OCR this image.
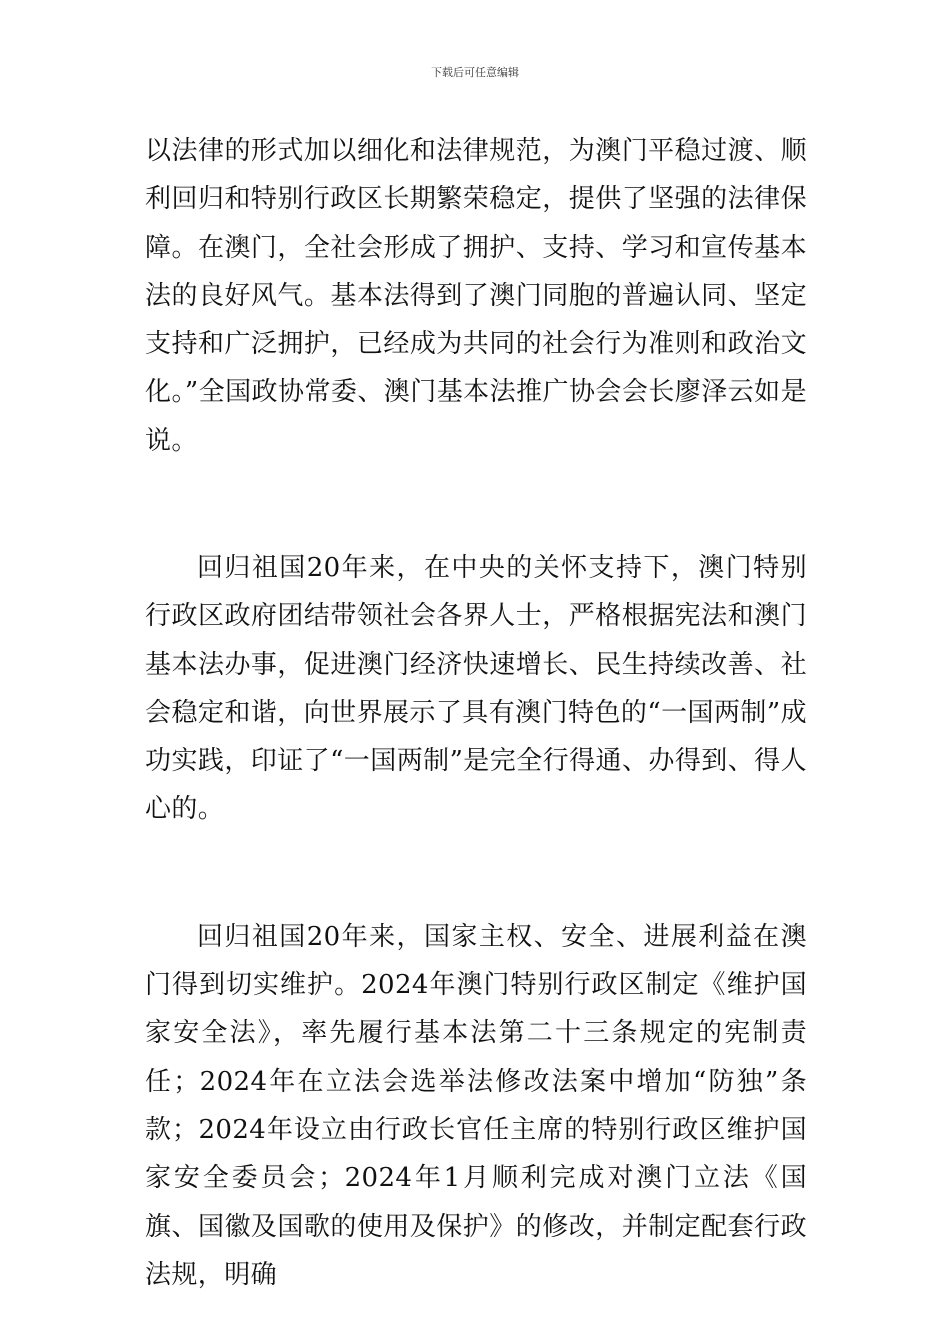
下载后可任意编辑

以法律的形式加以细化和法律规范，为澳门平稳过渡、顺利回归和特别行政区长期繁荣稳定，提供了坚强的法律保障。在澳门，全社会形成了拥护、支持、学习和宣传基本法的良好风气。基本法得到了澳门同胞的普遍认同、坚定支持和广泛拥护，已经成为共同的社会行为准则和政治文化。”全国政协常委、澳门基本法推广协会会长廖泽云如是说。

回归祖国20年来，在中央的关怀支持下，澳门特别行政区政府团结带领社会各界人士，严格根据宪法和澳门基本法办事，促进澳门经济快速增长、民生持续改善、社会稳定和谐，向世界展示了具有澳门特色的“一国两制”成功实践，印证了“一国两制”是完全行得通、办得到、得人心的。

回归祖国20年来，国家主权、安全、进展利益在澳门得到切实维护。2024年澳门特别行政区制定《维护国家安全法》，率先履行基本法第二十三条规定的宪制责任；2024年在立法会选举法修改法案中增加“防独”条款；2024年设立由行政长官任主席的特别行政区维护国家安全委员会；2024年1月顺利完成对澳门立法《国旗、国徽及国歌的使用及保护》的修改，并制定配套行政法规，明确
